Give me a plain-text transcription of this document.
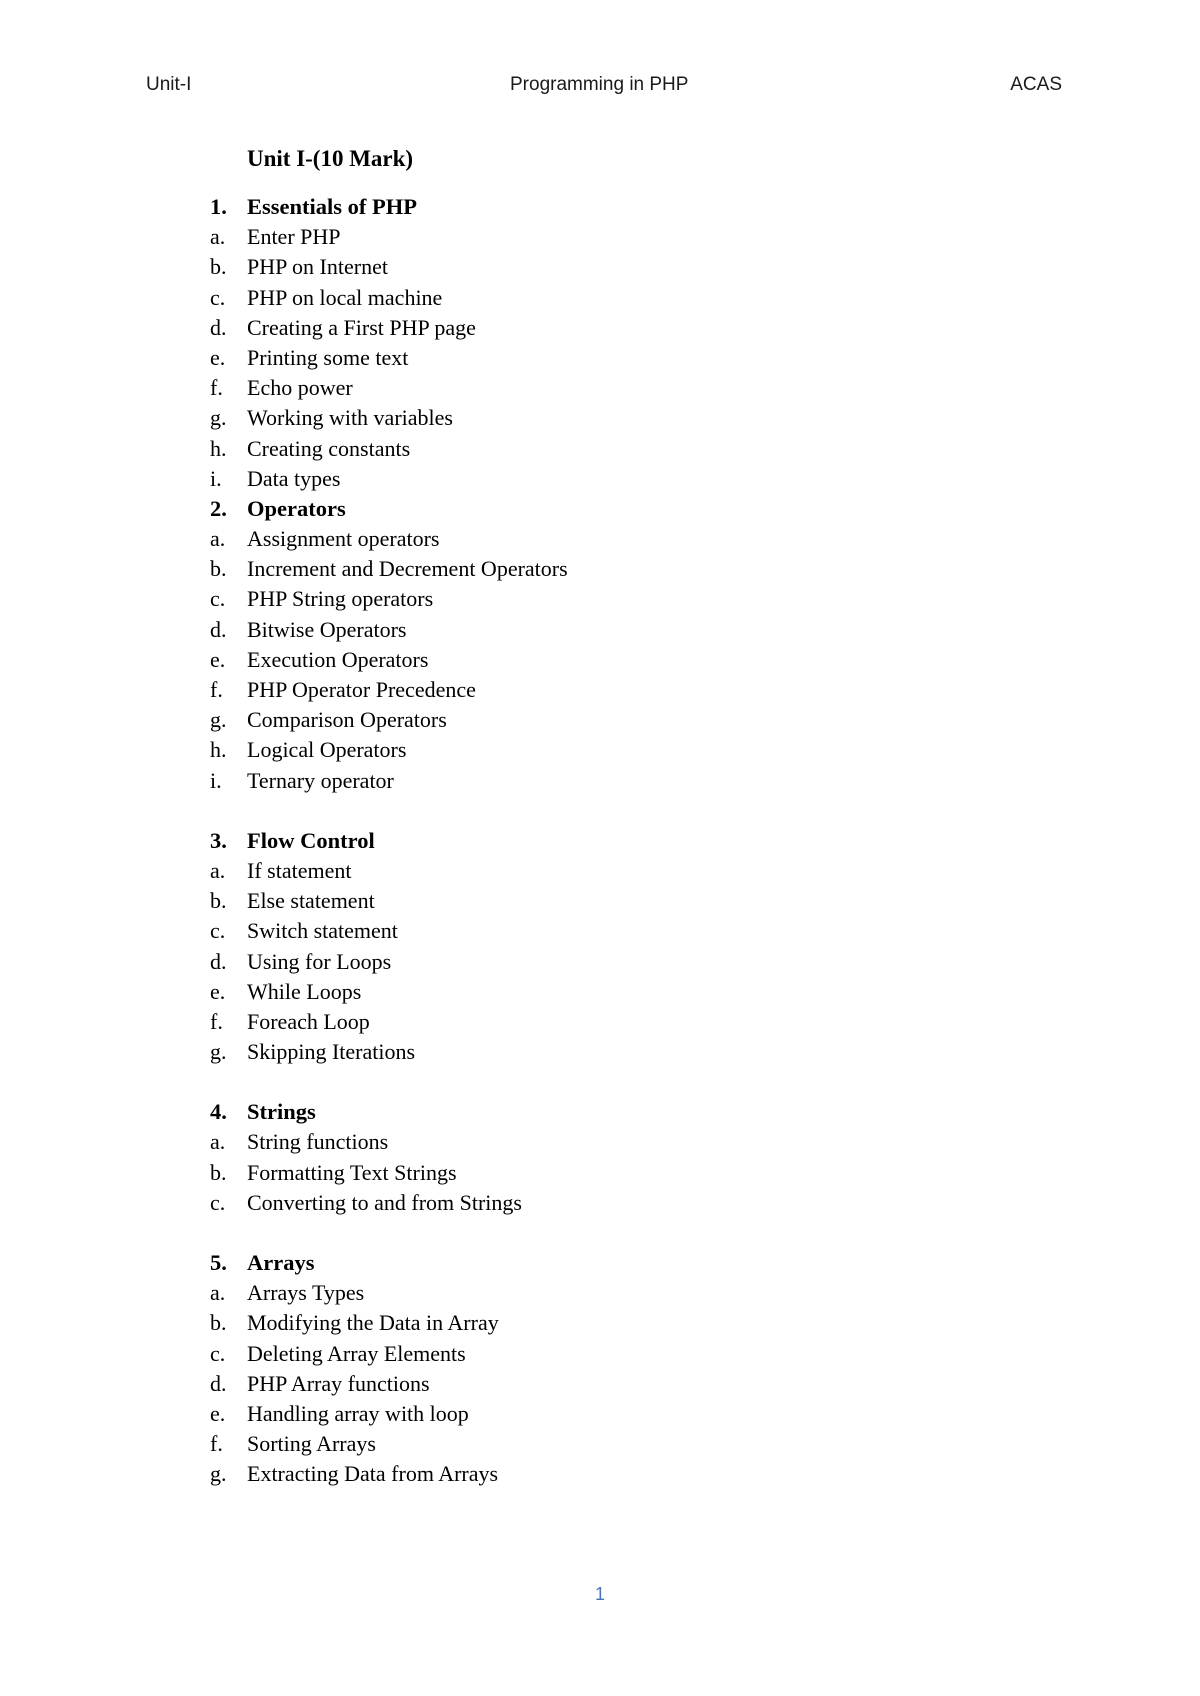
Unit-I	Programming in PHP	ACAS
Unit I-(10 Mark)
1. Essentials of PHP
a. Enter PHP
b. PHP on Internet
c. PHP on local machine
d. Creating a First PHP page
e. Printing some text
f. Echo power
g. Working with variables
h. Creating constants
i. Data types
2. Operators
a. Assignment operators
b. Increment and Decrement Operators
c. PHP String operators
d. Bitwise Operators
e. Execution Operators
f. PHP Operator Precedence
g. Comparison Operators
h. Logical Operators
i. Ternary operator
3. Flow Control
a. If statement
b. Else statement
c. Switch statement
d. Using for Loops
e. While Loops
f. Foreach Loop
g. Skipping Iterations
4. Strings
a. String functions
b. Formatting Text Strings
c. Converting to and from Strings
5. Arrays
a. Arrays Types
b. Modifying the Data in Array
c. Deleting Array Elements
d. PHP Array functions
e. Handling array with loop
f. Sorting Arrays
g. Extracting Data from Arrays
1
